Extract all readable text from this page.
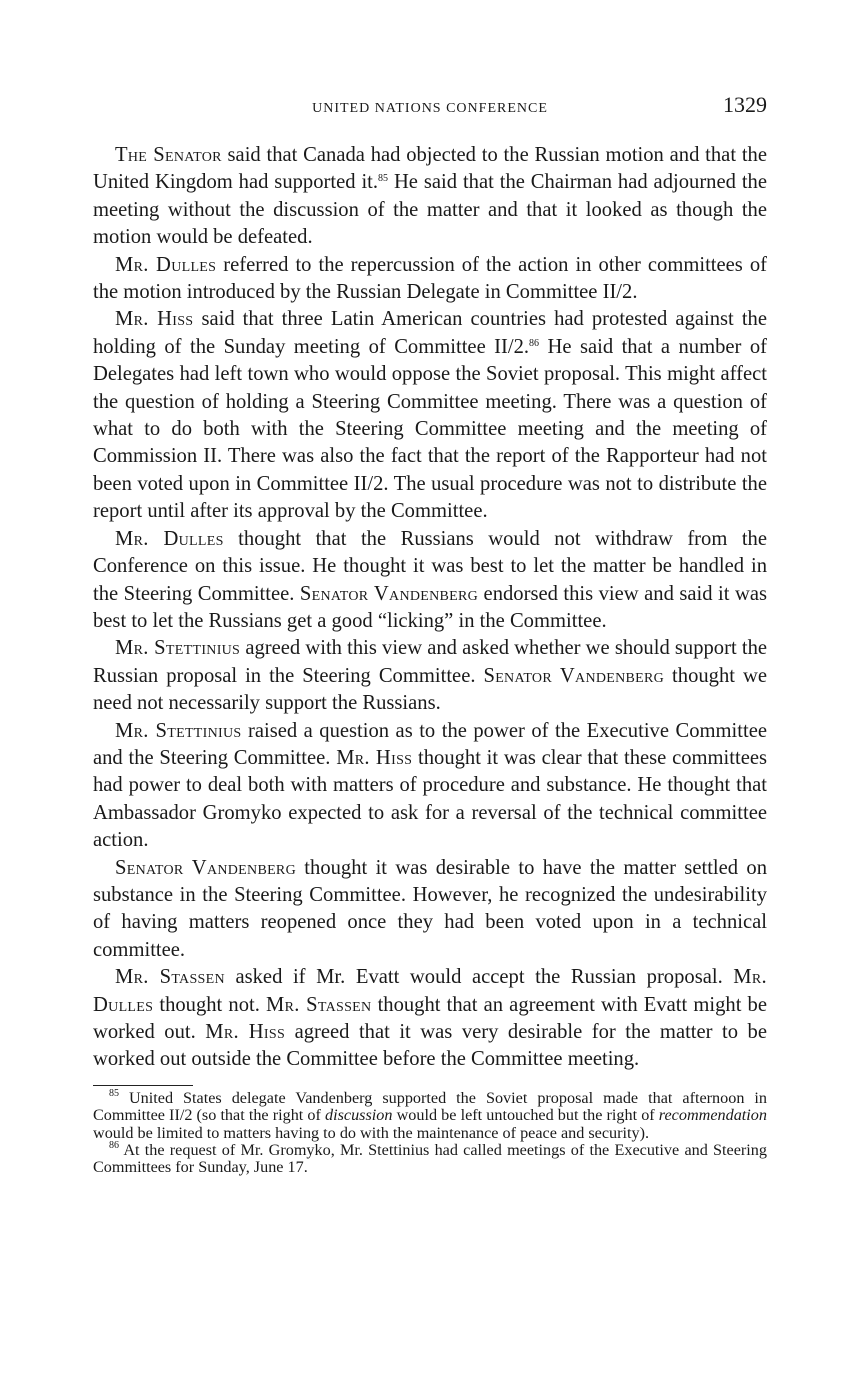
UNITED NATIONS CONFERENCE	1329

The Senator said that Canada had objected to the Russian motion and that the United Kingdom had supported it.$^{85}$ He said that the Chairman had adjourned the meeting without the discussion of the matter and that it looked as though the motion would be defeated.

Mr. Dulles referred to the repercussion of the action in other committees of the motion introduced by the Russian Delegate in Committee II/2.

Mr. Hiss said that three Latin American countries had protested against the holding of the Sunday meeting of Committee II/2.86 He said that a number of Delegates had left town who would oppose the Soviet proposal. This might affect the question of holding a Steering Committee meeting. There was a question of what to do both with the Steering Committee meeting and the meeting of Commission II. There was also the fact that the report of the Rapporteur had not been voted upon in Committee II/2. The usual procedure was not to distribute the report until after its approval by the Committee.

Mr. Dulles thought that the Russians would not withdraw from the Conference on this issue. He thought it was best to let the matter be handled in the Steering Committee. Senator Vandenberg endorsed this view and said it was best to let the Russians get a good “licking” in the Committee.

Mr. Stettinius agreed with this view and asked whether we should support the Russian proposal in the Steering Committee. Senator Vandenberg thought we need not necessarily support the Russians.

Mr. Stettinius raised a question as to the power of the Executive Committee and the Steering Committee. Mr. Hiss thought it was clear that these committees had power to deal both with matters of procedure and substance. He thought that Ambassador Gromyko expected to ask for a reversal of the technical committee action.

Senator Vandenberg thought it was desirable to have the matter settled on substance in the Steering Committee. However, he recognized the undesirability of having matters reopened once they had been voted upon in a technical committee.

Mr. Stassen asked if Mr. Evatt would accept the Russian proposal. Mr. Dulles thought not. Mr. Stassen thought that an agreement with Evatt might be worked out. Mr. Hiss agreed that it was very desirable for the matter to be worked out outside the Committee before the Committee meeting.

$^{85}$ United States delegate Vandenberg supported the Soviet proposal made that afternoon in Committee II/2 (so that the right of discussion would be left untouched but the right of recommendation would be limited to matters having to do with the maintenance of peace and security).

$^{86}$ At the request of Mr. Gromyko, Mr. Stettinius had called meetings of the Executive and Steering Committees for Sunday, June 17.
